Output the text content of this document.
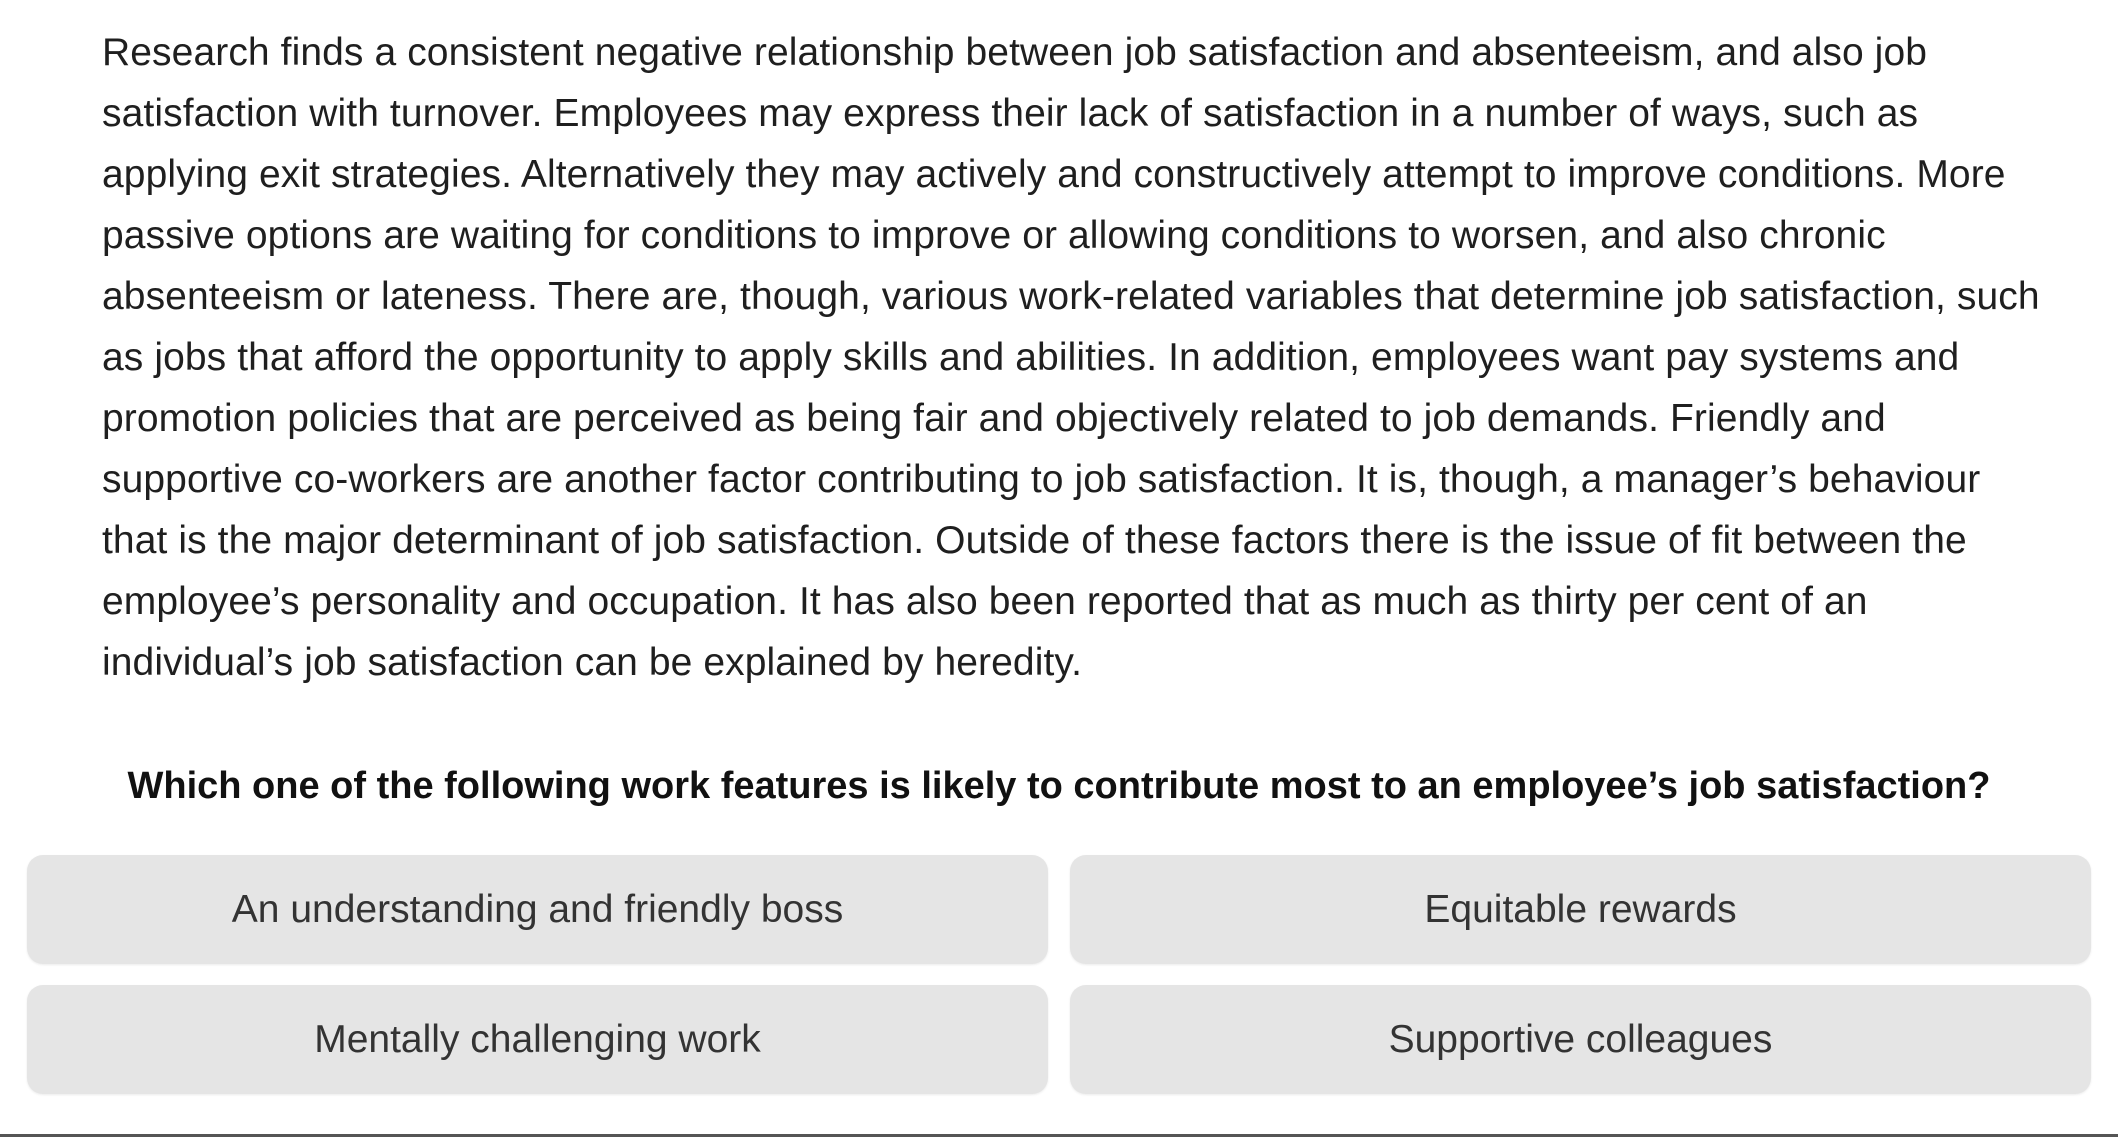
Research finds a consistent negative relationship between job satisfaction and absenteeism, and also job satisfaction with turnover. Employees may express their lack of satisfaction in a number of ways, such as applying exit strategies. Alternatively they may actively and constructively attempt to improve conditions. More passive options are waiting for conditions to improve or allowing conditions to worsen, and also chronic absenteeism or lateness. There are, though, various work-related variables that determine job satisfaction, such as jobs that afford the opportunity to apply skills and abilities. In addition, employees want pay systems and promotion policies that are perceived as being fair and objectively related to job demands. Friendly and supportive co-workers are another factor contributing to job satisfaction. It is, though, a manager’s behaviour that is the major determinant of job satisfaction. Outside of these factors there is the issue of fit between the employee’s personality and occupation. It has also been reported that as much as thirty per cent of an individual’s job satisfaction can be explained by heredity.

Which one of the following work features is likely to contribute most to an employee’s job satisfaction?

An understanding and friendly boss	Equitable rewards
Mentally challenging work	Supportive colleagues
